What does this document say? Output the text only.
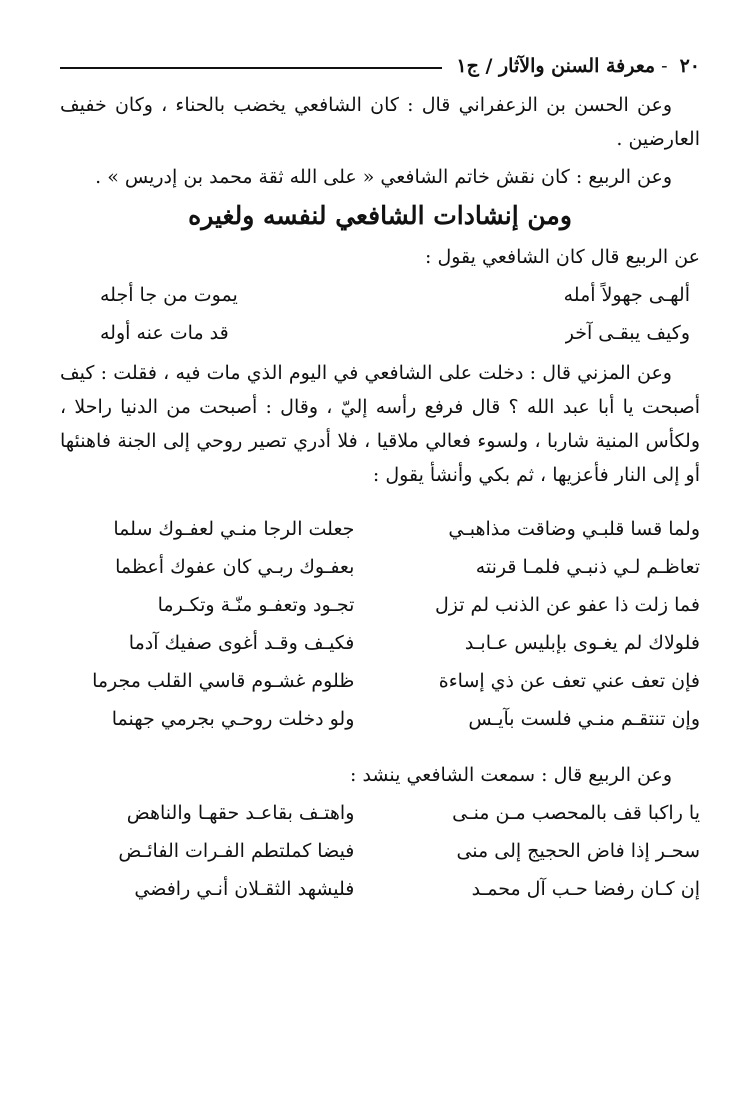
٢٠
-
معرفة السنن والآثار / ج١

وعن الحسن بن الزعفراني قال : كان الشافعي يخضب بالحناء ، وكان خفيف العارضين .

وعن الربيع : كان نقش خاتم الشافعي « على الله ثقة محمد بن إدريس » .

ومن إنشادات الشافعي لنفسه ولغيره

عن الربيع قال كان الشافعي يقول :

ألهـى جهولاً أمله
يموت من جا أجله
وكيف يبقـى آخر
قد مات عنه أوله

وعن المزني قال : دخلت على الشافعي في اليوم الذي مات فيه ، فقلت : كيف أصبحت يا أبا عبد الله ؟ قال فرفع رأسه إليّ ، وقال : أصبحت من الدنيا راحلا ، ولكأس المنية شاربا ، ولسوء فعالي ملاقيا ، فلا أدري تصير روحي إلى الجنة فاهنئها أو إلى النار فأعزيها ، ثم بكي وأنشأ يقول :

ولما قسا قلبـي وضاقت مذاهبـي
جعلت الرجا منـي لعفـوك سلما
تعاظـم لـي ذنبـي فلمـا قرنته
بعفـوك ربـي كان عفوك أعظما
فما زلت ذا عفو عن الذنب لم تزل
تجـود وتعفـو منّـة وتكـرما
فلولاك لم يغـوى بإبليس عـابـد
فكيـف وقـد أغوى صفيك آدما
فإن تعف عني تعف عن ذي إساءة
ظلوم غشـوم قاسي القلب مجرما
وإن تنتقـم منـي فلست بآيـس
ولو دخلت روحـي بجرمي جهنما

وعن الربيع قال : سمعت الشافعي ينشد :

يا راكبا قف بالمحصب مـن منـى
واهتـف بقاعـد حقهـا والناهض
سحـر إذا فاض الحجيج إلى منى
فيضا كملتطم الفـرات الفائـض
إن كـان رفضا حـب آل محمـد
فليشهد الثقـلان أنـي رافضي
